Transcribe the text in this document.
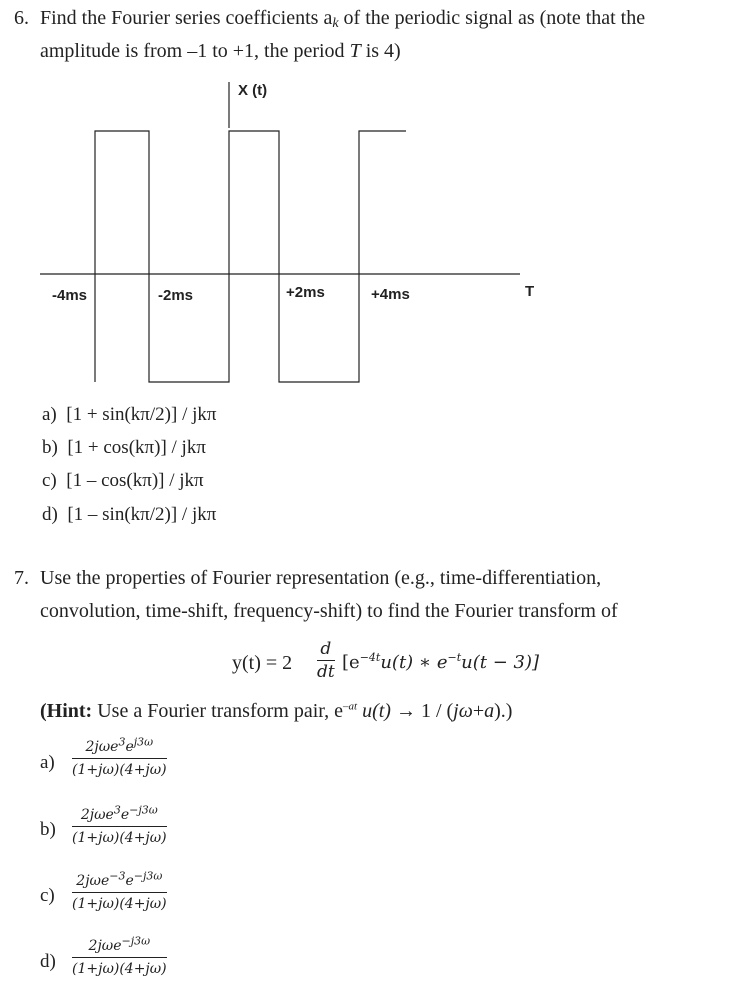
6. Find the Fourier series coefficients ak of the periodic signal as (note that the
amplitude is from –1 to +1, the period T is 4)
X (t)
-4ms	-2ms	+2ms	+4ms	T
a) [1 + sin(kπ/2)] / jkπ
b) [1 + cos(kπ)] / jkπ
c) [1 – cos(kπ)] / jkπ
d) [1 – sin(kπ/2)] / jkπ
7. Use the properties of Fourier representation (e.g., time-differentiation,
convolution, time-shift, frequency-shift) to find the Fourier transform of
y(t) = 2
d
dt [$e^{-4t}u(t)$ ∗ $e^{-t}u(t - 3)$]
(Hint: Use a Fourier transform pair, $e^{-at}$ u(t) → 1 / (jω+a).)
a)
$2j\omega e^3e^{j3\omega}$
(1+jω)(4+jω)
b)
$2j\omega e^3e^{-j3\omega}$
(1+jω)(4+jω)
c)
$2j\omega e^{-3}e^{-j3\omega}$
(1+jω)(4+jω)
d)
2jωe$^{-j3\omega}$
(1+jω)(4+jω)
